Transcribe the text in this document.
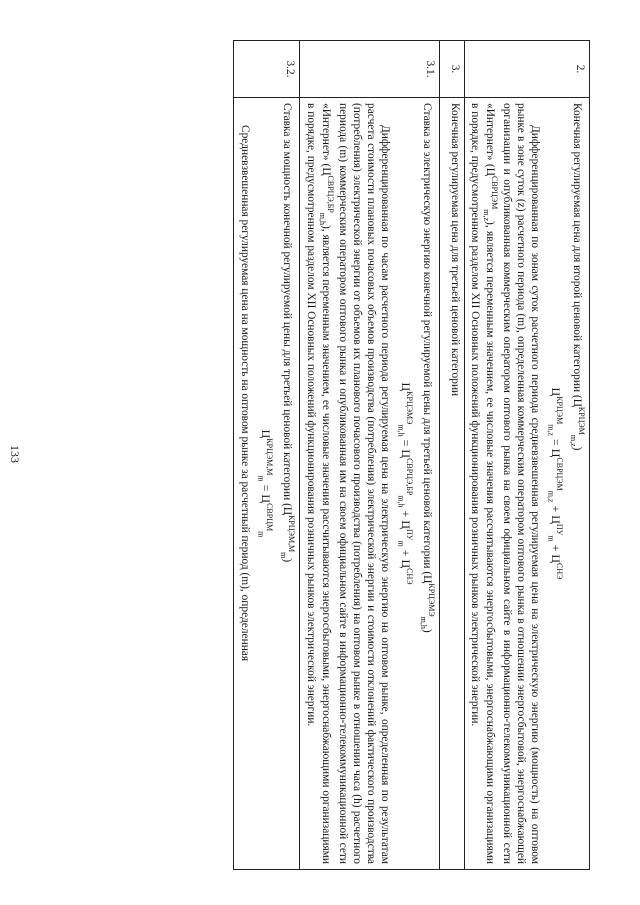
133
2.	Конечная регулируемая цена для второй ценовой категории $(Ц^{КРЦЭМ}_{m,z})$
$Ц^{КРЦЭМ}_{m,z} = Ц^{СВРЦЭМ}_{m,z} + Ц^{ПУ}_m + Ц^{СНЭ}$

Дифференцированная по зонам суток расчетного периода средневзвешенная регулируемая цена на электрическую энергию (мощность) на оптовом рынке в зоне суток (z) расчетного периода (m), определенная коммерческим оператором оптового рынка в отношении энергосбытовой, энергоснабжающей организации и опубликованная коммерческим оператором оптового рынка на своем официальном сайте в информационно-телекоммуникационной сети «Интернет» $(Ц^{СВРЦЭМ}_{m,z})$, является переменным значением, ее числовые значения рассчитываются энергосбытовыми, энергоснабжающими организациями в порядке, предусмотренном разделом XII Основных положений функционирования розничных рынков электрической энергии.

3.	Конечная регулируемая цена для третьей ценовой категории
3.1.	Ставка за электрическую энергию конечной регулируемой цены для третьей ценовой категории $(Ц^{КРЦЭМЭ}_{m,h})$
$Ц^{КРЦЭМЭ}_{m,h} = Ц^{СВРЦЭ,БР}_{m,h} + Ц^{ПУ}_m + Ц^{СНЭ}$

Дифференцированная по часам расчетного периода регулируемая цена на электрическую энергию на оптовом рынке, определенная по результатам расчета стоимости плановых почасовых объемов производства (потребления) электрической энергии и стоимости отклонений фактического производства (потребления) электрической энергии от объемов их планового почасового производства (потребления) на оптовом рынке в отношении часа (h) расчетного периода (m) коммерческим оператором оптового рынка и опубликованная им на своем официальном сайте в информационно-телекоммуникационной сети «Интернет» $(Ц^{СВРЦЭ,БР}_{m,h})$, является переменным значением, ее числовые значения рассчитываются энергосбытовыми, энергоснабжающими организациями в порядке, предусмотренном разделом XII Основных положений функционирования розничных рынков электрической энергии.

3.2.	Ставка за мощность конечной регулируемой цены для третьей ценовой категории $(Ц^{КРЦЭМ,М}_m)$
$Ц^{КРЦЭМ,М}_m = Ц^{СВРЦМ}_m$

Средневзвешенная регулируемая цена на мощность на оптовом рынке за расчетный период (m), определенная
